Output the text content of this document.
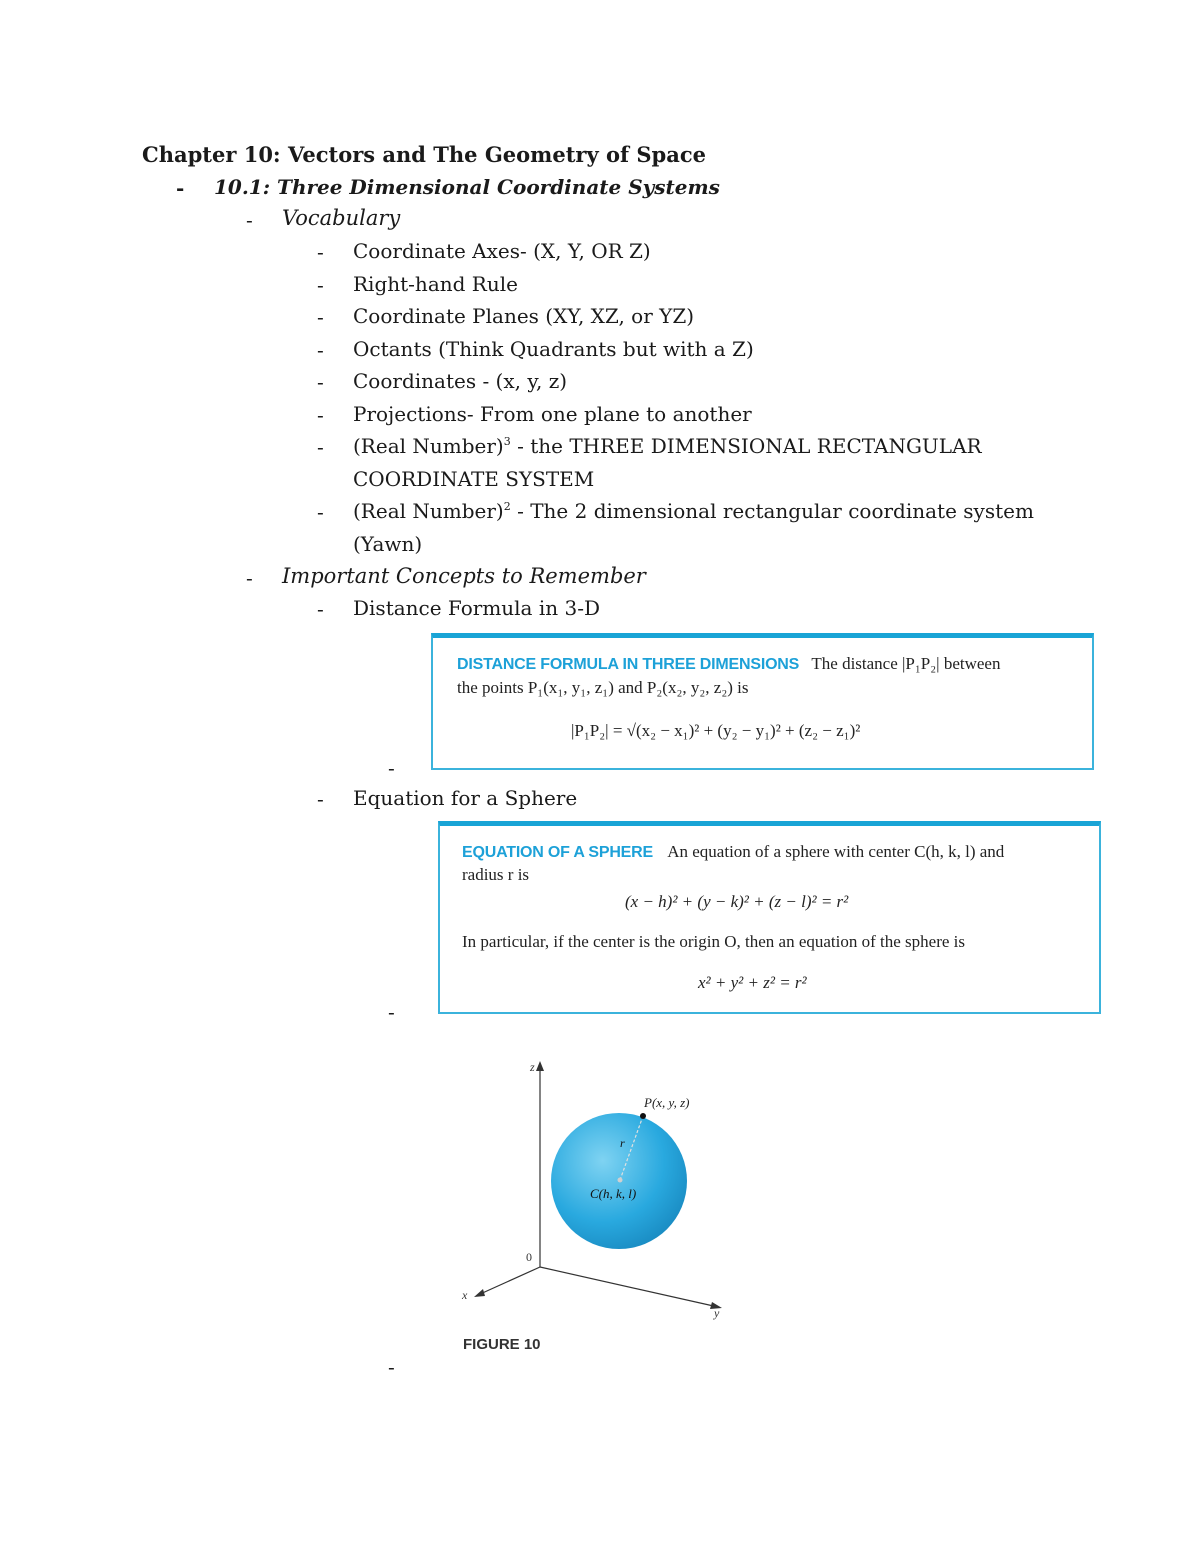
Chapter 10: Vectors and The Geometry of Space
- 10.1: Three Dimensional Coordinate Systems
- Vocabulary
- Coordinate Axes- (X, Y, OR Z)
- Right-hand Rule
- Coordinate Planes (XY, XZ, or YZ)
- Octants (Think Quadrants but with a Z)
- Coordinates - (x, y, z)
- Projections- From one plane to another
- (Real Number)$^3$ - the THREE DIMENSIONAL RECTANGULAR
COORDINATE SYSTEM
- (Real Number)$^2$ - The 2 dimensional rectangular coordinate system
(Yawn)
- Important Concepts to Remember
- Distance Formula in 3-D
DISTANCE FORMULA IN THREE DIMENSIONS The distance |P₁P₂| between
the points P₁(x₁, y₁, z₁) and P₂(x₂, y₂, z₂) is
|P₁P₂| = √(x₂ − x₁)² + (y₂ − y₁)² + (z₂ − z₁)²
-
- Equation for a Sphere
EQUATION OF A SPHERE An equation of a sphere with center C(h, k, l) and
radius r is
(x − h)² + (y − k)² + (z − l)² = r²
In particular, if the center is the origin O, then an equation of the sphere is
x² + y² + z² = r²
-
z
x
y
0
P(x, y, z)
r
C(h, k, l)
FIGURE 10
-
